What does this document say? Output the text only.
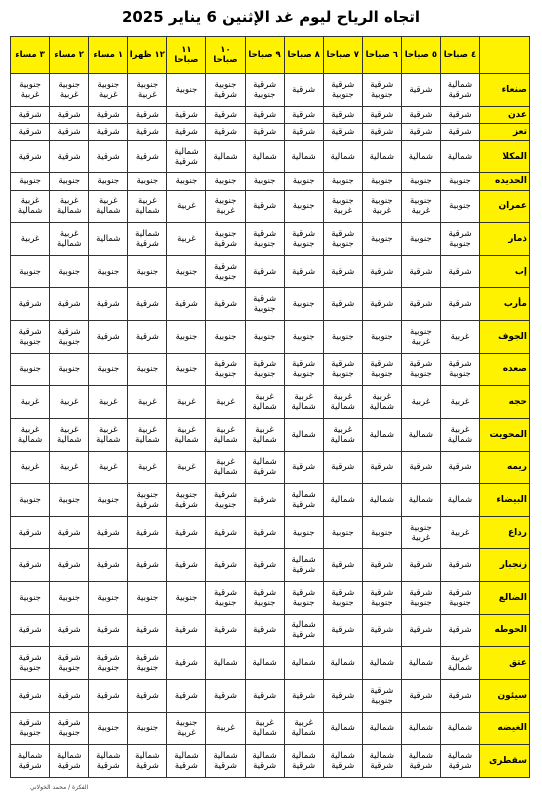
اتجاه الرياح ليوم غد الإثنين 6 يناير 2025
	٤ صباحا	٥ صباحا	٦ صباحا	٧ صباحا	٨ صباحا	٩ صباحا	١٠ صباحا	١١ صباحا	١٢ ظهرا	١ مساء	٢ مساء	٣ مساء
صنعاء	شمالية شرقية	شرقية	شرقية جنوبية	شرقية جنوبية	شرقية	شرقية جنوبية	جنوبية شرقية	جنوبية	جنوبية غربية	جنوبية غربية	جنوبية غربية	جنوبية غربية
عدن	شرقية	شرقية	شرقية	شرقية	شرقية	شرقية	شرقية	شرقية	شرقية	شرقية	شرقية	شرقية
تعز	شرقية	شرقية	شرقية	شرقية	شرقية	شرقية	شرقية	شرقية	شرقية	شرقية	شرقية	شرقية
المكلا	شمالية	شمالية	شمالية	شمالية	شمالية	شمالية	شمالية	شمالية شرقية	شرقية	شرقية	شرقية	شرقية
الحديده	جنوبية	جنوبية	جنوبية	جنوبية	جنوبية	جنوبية	جنوبية	جنوبية	جنوبية	جنوبية	جنوبية	جنوبية
عمران	جنوبية	جنوبية غربية	جنوبية غربية	جنوبية غربية	جنوبية	شرقية	جنوبية غربية	غربية	غربية شمالية	غربية شمالية	غربية شمالية	غربية شمالية
ذمار	شرقية جنوبية	جنوبية	جنوبية	شرقية جنوبية	شرقية جنوبية	شرقية جنوبية	جنوبية شرقية	غربية	شمالية شرقية	شمالية	غربية شمالية	غربية
إب	شرقية	شرقية	شرقية	شرقية	شرقية	شرقية	شرقية جنوبية	جنوبية	جنوبية	جنوبية	جنوبية	جنوبية
مأرب	شرقية	شرقية	شرقية	شرقية	جنوبية	شرقية جنوبية	شرقية	شرقية	شرقية	شرقية	شرقية	شرقية
الجوف	غربية	جنوبية غربية	جنوبية	جنوبية	جنوبية	جنوبية	جنوبية	جنوبية	شرقية	شرقية	شرقية جنوبية	شرقية جنوبية
صعده	شرقية جنوبية	شرقية جنوبية	شرقية جنوبية	شرقية جنوبية	شرقية جنوبية	شرقية جنوبية	شرقية جنوبية	جنوبية	جنوبية	جنوبية	جنوبية	جنوبية
حجه	غربية	غربية	غربية شمالية	غربية شمالية	غربية شمالية	غربية شمالية	غربية	غربية	غربية	غربية	غربية	غربية
المحويت	غربية شمالية	شمالية	شمالية	غربية شمالية	شمالية	غربية شمالية	غربية شمالية	غربية شمالية	غربية شمالية	غربية شمالية	غربية شمالية	غربية شمالية
ريمه	شرقية	شرقية	شرقية	شرقية	شرقية	شمالية شرقية	غربية شمالية	غربية	غربية	غربية	غربية	غربية
البيضاء	شمالية	شمالية	شمالية	شمالية	شمالية شرقية	شرقية	شرقية جنوبية	جنوبية شرقية	جنوبية شرقية	جنوبية	جنوبية	جنوبية
رداع	غربية	جنوبية غربية	جنوبية	جنوبية	جنوبية	شرقية	شرقية	شرقية	شرقية	شرقية	شرقية	شرقية
زنجبار	شرقية	شرقية	شرقية	شرقية	شمالية شرقية	شرقية	شرقية	شرقية	شرقية	شرقية	شرقية	شرقية
الضالع	شرقية جنوبية	شرقية جنوبية	شرقية جنوبية	شرقية جنوبية	شرقية جنوبية	شرقية جنوبية	شرقية جنوبية	جنوبية	جنوبية	جنوبية	جنوبية	جنوبية
الحوطه	شرقية	شرقية	شرقية	شرقية	شمالية شرقية	شرقية	شرقية	شرقية	شرقية	شرقية	شرقية	شرقية
عتق	غربية شمالية	شمالية	شمالية	شمالية	شمالية	شمالية	شمالية	شرقية	شرقية جنوبية	شرقية جنوبية	شرقية جنوبية	شرقية جنوبية
سيئون	شرقية	شرقية	شرقية جنوبية	شرقية	شرقية	شرقية	شرقية	شرقية	شرقية	شرقية	شرقية	شرقية
الغيضه	شمالية	شمالية	شمالية	شمالية	غربية شمالية	غربية شمالية	غربية	جنوبية غربية	جنوبية	جنوبية	شرقية جنوبية	شرقية جنوبية
سقطرى	شمالية شرقية	شمالية شرقية	شمالية شرقية	شمالية شرقية	شمالية شرقية	شمالية شرقية	شمالية شرقية	شمالية شرقية	شمالية شرقية	شمالية شرقية	شمالية شرقية	شمالية شرقية
الفكرة / محمد الخولاني
